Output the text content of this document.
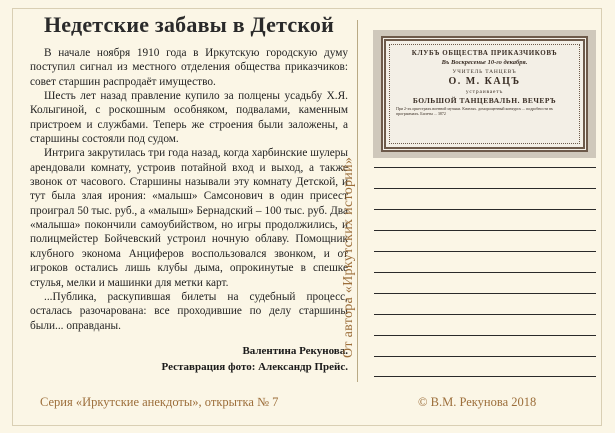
Недетские забавы в Детской

В начале ноября 1910 года в Иркутскую городскую думу поступил сигнал из местного отделения общества приказчиков: совет старшин распродаёт имущество.

Шесть лет назад правление купило за полцены усадьбу Х.Я. Колыгиной, с роскошным особняком, подвалами, каменным пристроем и службами. Теперь же строения были заложены, а старшины состояли под судом.

Интрига закрутилась три года назад, когда харбинские шулеры арендовали комнату, устроив потайной вход и выход, а также звонок от часового. Старшины называли эту комнату Детской, и тут была злая ирония: «малыш» Самсонович в один присест проиграл 50 тыс. руб., а «малыш» Бернадский – 100 тыс. руб. Два «малыша» покончили самоубийством, но игры продолжились, и полицмейстер Бойчевский устроил ночную облаву. Помощник клубного эконома Анциферов воспользовался звонком, и от игроков остались лишь клубы дыма, опрокинутые в спешке стулья, мелки и машинки для метки карт.

...Публика, раскупившая билеты на судебный процесс, осталась разочарована: все проходившие по делу старшины были... оправданы.

Валентина Рекунова.
Реставрация фото: Александр Прейс.
Серия «Иркутские анекдоты», открытка № 7	© В.М. Рекунова 2018
От автора «Иркутских историй»
КЛУБЪ ОБЩЕСТВА ПРИКАЗЧИКОВЪ
Въ Воскресенье 10-го декабря.
УЧИТЕЛЬ ТАНЦЕВЪ
О. М. КАЦЪ
устраиваетъ
БОЛЬШОЙ ТАНЦЕВАЛЬН. ВЕЧЕРЪ
При 2-хъ оркестрахъ военной музыки. Качелях. доморощенный конкурсъ ... подробности въ программахъ. Билеты ... 3872
